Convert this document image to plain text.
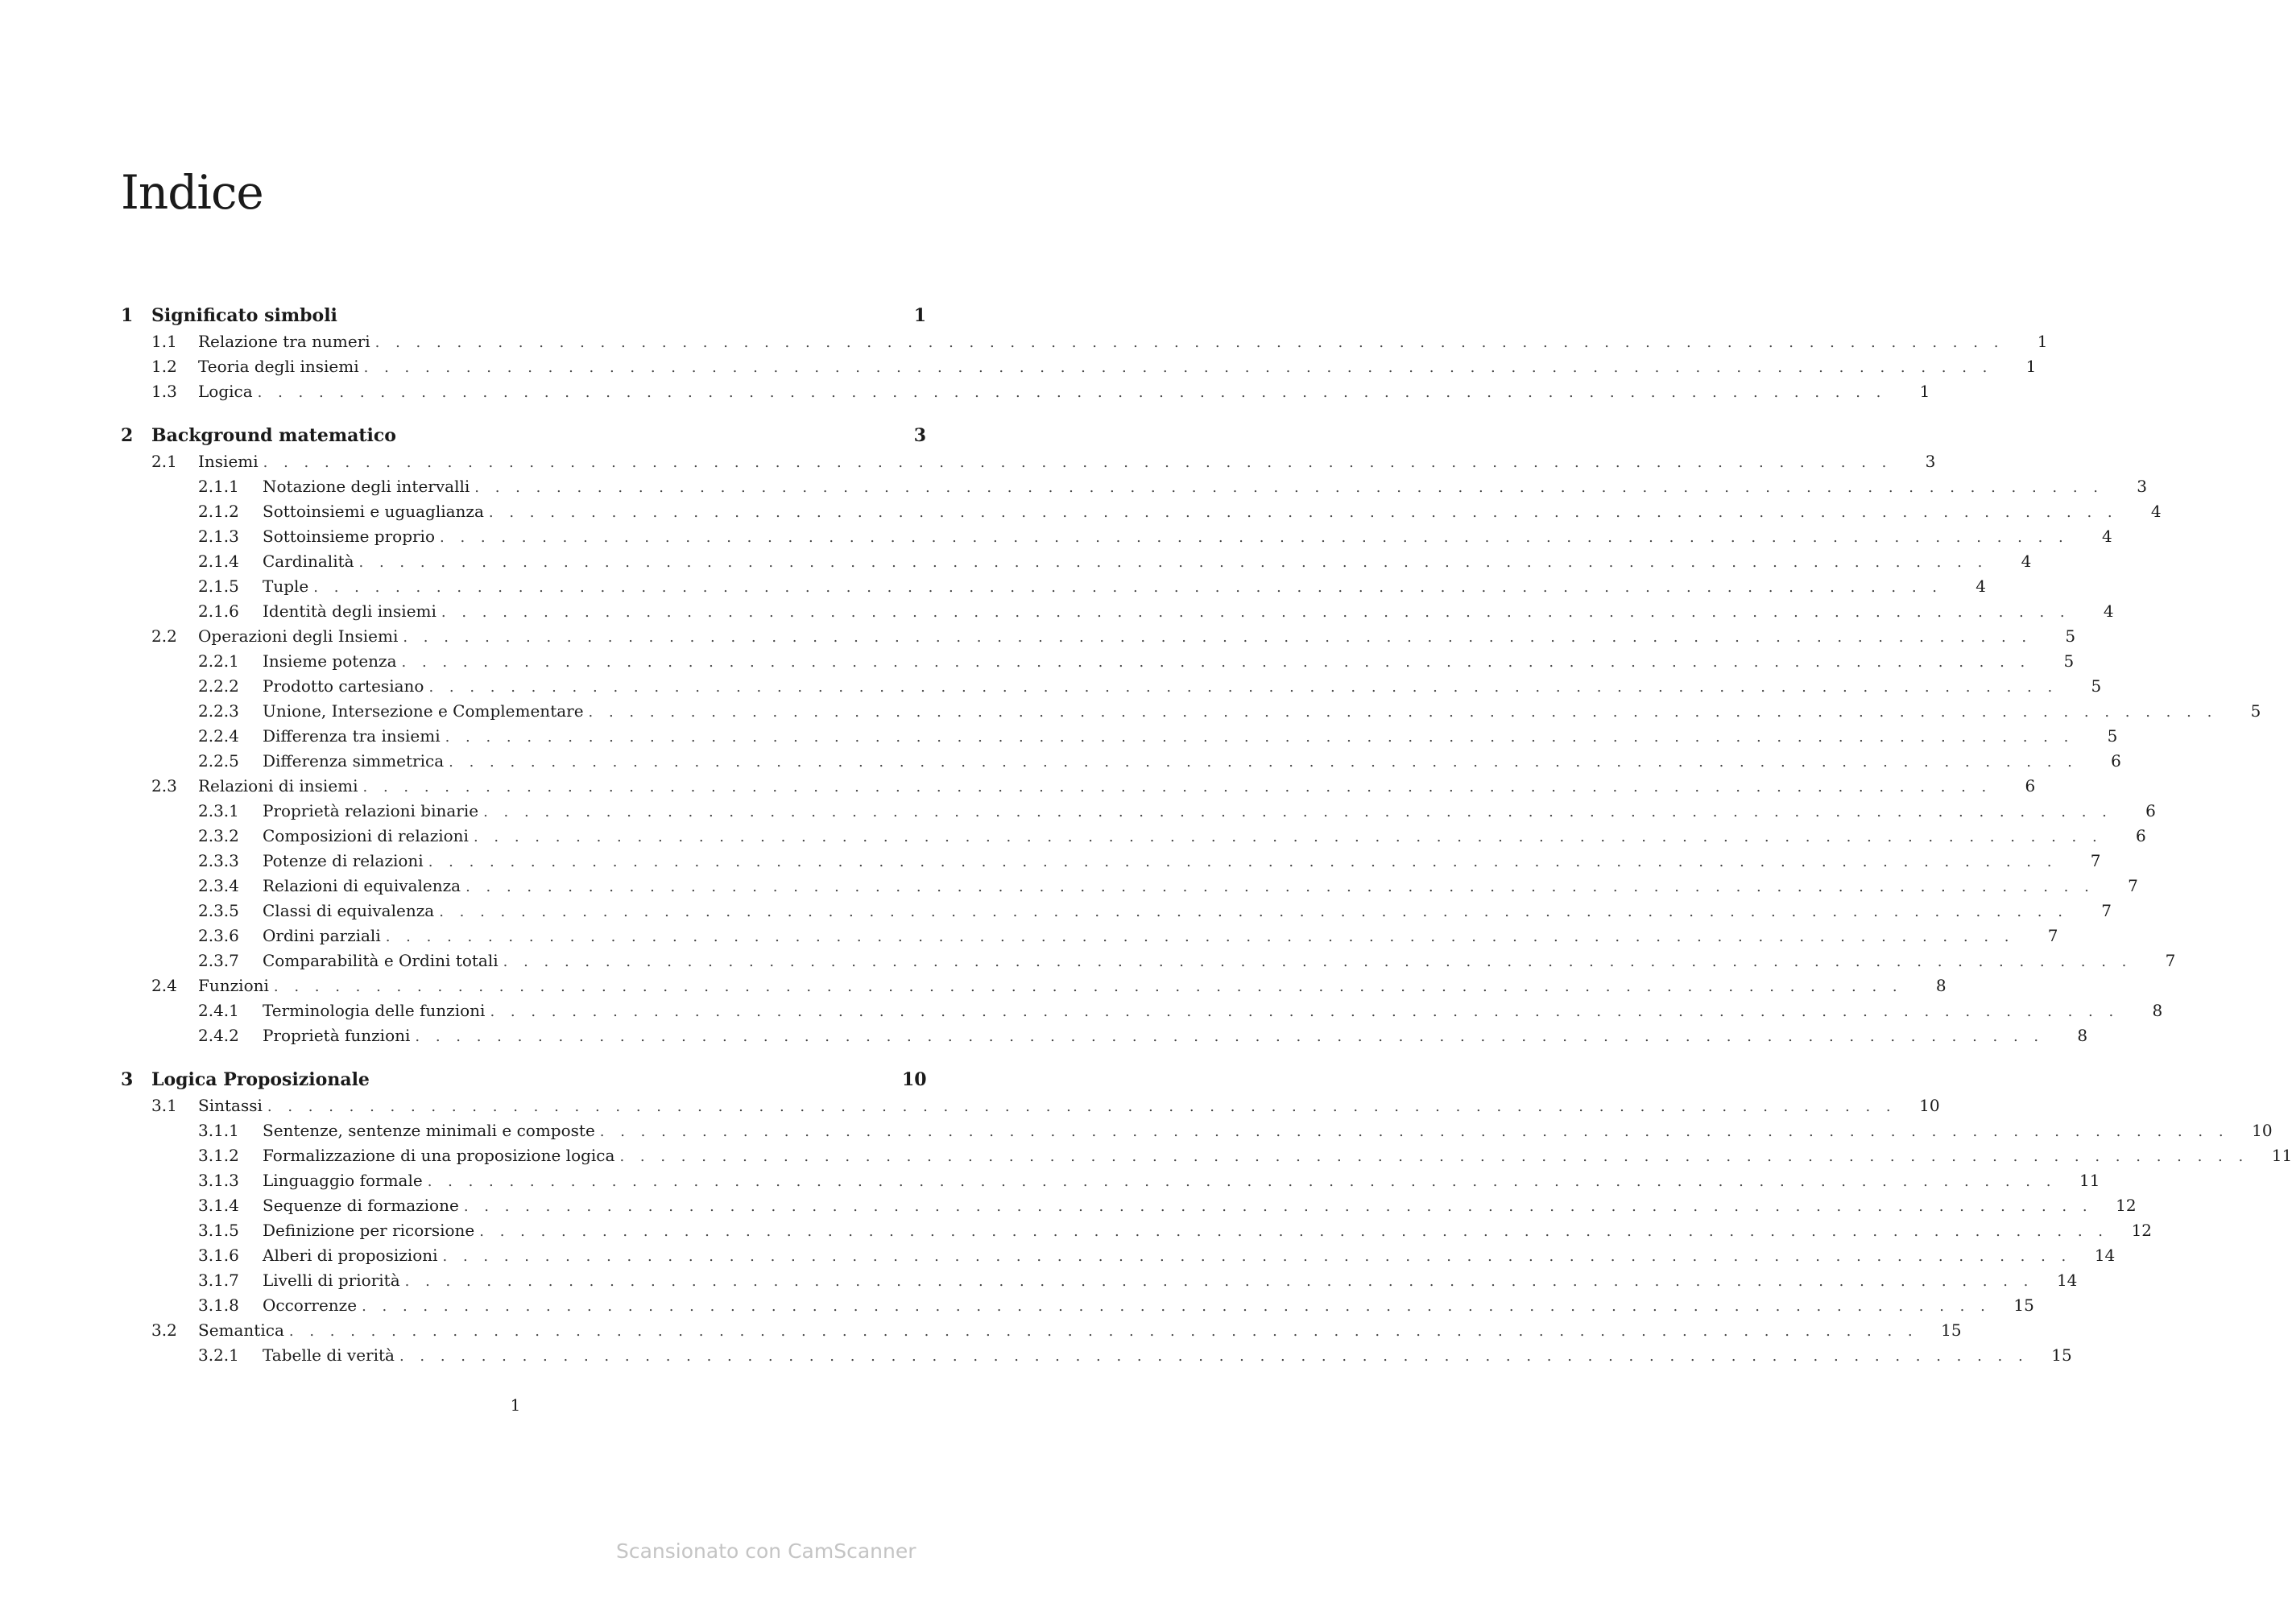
Indice
1	Significato simboli	1
1.1	Relazione tra numeri . . . . . . . . . . . . . . . . . . . . . . . . . . . . . . . . . . . . . . . . . . . . . . . . . . . . . . . . . . . . . . . . . . . . . . . . . . . . . . . .	1
1.2	Teoria degli insiemi . . . . . . . . . . . . . . . . . . . . . . . . . . . . . . . . . . . . . . . . . . . . . . . . . . . . . . . . . . . . . . . . . . . . . . . . . . . . . . . .	1
1.3	Logica . . . . . . . . . . . . . . . . . . . . . . . . . . . . . . . . . . . . . . . . . . . . . . . . . . . . . . . . . . . . . . . . . . . . . . . . . . . . . . . .	1
2	Background matematico	3
2.1	Insiemi . . . . . . . . . . . . . . . . . . . . . . . . . . . . . . . . . . . . . . . . . . . . . . . . . . . . . . . . . . . . . . . . . . . . . . . . . . . . . . . .	3
2.1.1	Notazione degli intervalli . . . . . . . . . . . . . . . . . . . . . . . . . . . . . . . . . . . . . . . . . . . . . . . . . . . . . . . . . . . . . . . . . . . . . . . . . . . . . . . .	3
2.1.2	Sottoinsiemi e uguaglianza . . . . . . . . . . . . . . . . . . . . . . . . . . . . . . . . . . . . . . . . . . . . . . . . . . . . . . . . . . . . . . . . . . . . . . . . . . . . . . . .	4
2.1.3	Sottoinsieme proprio . . . . . . . . . . . . . . . . . . . . . . . . . . . . . . . . . . . . . . . . . . . . . . . . . . . . . . . . . . . . . . . . . . . . . . . . . . . . . . . .	4
2.1.4	Cardinalità . . . . . . . . . . . . . . . . . . . . . . . . . . . . . . . . . . . . . . . . . . . . . . . . . . . . . . . . . . . . . . . . . . . . . . . . . . . . . . . .	4
2.1.5	Tuple . . . . . . . . . . . . . . . . . . . . . . . . . . . . . . . . . . . . . . . . . . . . . . . . . . . . . . . . . . . . . . . . . . . . . . . . . . . . . . . .	4
2.1.6	Identità degli insiemi . . . . . . . . . . . . . . . . . . . . . . . . . . . . . . . . . . . . . . . . . . . . . . . . . . . . . . . . . . . . . . . . . . . . . . . . . . . . . . . .	4
2.2	Operazioni degli Insiemi . . . . . . . . . . . . . . . . . . . . . . . . . . . . . . . . . . . . . . . . . . . . . . . . . . . . . . . . . . . . . . . . . . . . . . . . . . . . . . . .	5
2.2.1	Insieme potenza . . . . . . . . . . . . . . . . . . . . . . . . . . . . . . . . . . . . . . . . . . . . . . . . . . . . . . . . . . . . . . . . . . . . . . . . . . . . . . . .	5
2.2.2	Prodotto cartesiano . . . . . . . . . . . . . . . . . . . . . . . . . . . . . . . . . . . . . . . . . . . . . . . . . . . . . . . . . . . . . . . . . . . . . . . . . . . . . . . .	5
2.2.3	Unione, Intersezione e Complementare . . . . . . . . . . . . . . . . . . . . . . . . . . . . . . . . . . . . . . . . . . . . . . . . . . . . . . . . . . . . . . . . . . . . . . . . . . . . . . . .	5
2.2.4	Differenza tra insiemi . . . . . . . . . . . . . . . . . . . . . . . . . . . . . . . . . . . . . . . . . . . . . . . . . . . . . . . . . . . . . . . . . . . . . . . . . . . . . . . .	5
2.2.5	Differenza simmetrica . . . . . . . . . . . . . . . . . . . . . . . . . . . . . . . . . . . . . . . . . . . . . . . . . . . . . . . . . . . . . . . . . . . . . . . . . . . . . . . .	6
2.3	Relazioni di insiemi . . . . . . . . . . . . . . . . . . . . . . . . . . . . . . . . . . . . . . . . . . . . . . . . . . . . . . . . . . . . . . . . . . . . . . . . . . . . . . . .	6
2.3.1	Proprietà relazioni binarie . . . . . . . . . . . . . . . . . . . . . . . . . . . . . . . . . . . . . . . . . . . . . . . . . . . . . . . . . . . . . . . . . . . . . . . . . . . . . . . .	6
2.3.2	Composizioni di relazioni . . . . . . . . . . . . . . . . . . . . . . . . . . . . . . . . . . . . . . . . . . . . . . . . . . . . . . . . . . . . . . . . . . . . . . . . . . . . . . . .	6
2.3.3	Potenze di relazioni . . . . . . . . . . . . . . . . . . . . . . . . . . . . . . . . . . . . . . . . . . . . . . . . . . . . . . . . . . . . . . . . . . . . . . . . . . . . . . . .	7
2.3.4	Relazioni di equivalenza . . . . . . . . . . . . . . . . . . . . . . . . . . . . . . . . . . . . . . . . . . . . . . . . . . . . . . . . . . . . . . . . . . . . . . . . . . . . . . . .	7
2.3.5	Classi di equivalenza . . . . . . . . . . . . . . . . . . . . . . . . . . . . . . . . . . . . . . . . . . . . . . . . . . . . . . . . . . . . . . . . . . . . . . . . . . . . . . . .	7
2.3.6	Ordini parziali . . . . . . . . . . . . . . . . . . . . . . . . . . . . . . . . . . . . . . . . . . . . . . . . . . . . . . . . . . . . . . . . . . . . . . . . . . . . . . . .	7
2.3.7	Comparabilità e Ordini totali . . . . . . . . . . . . . . . . . . . . . . . . . . . . . . . . . . . . . . . . . . . . . . . . . . . . . . . . . . . . . . . . . . . . . . . . . . . . . . . .	7
2.4	Funzioni . . . . . . . . . . . . . . . . . . . . . . . . . . . . . . . . . . . . . . . . . . . . . . . . . . . . . . . . . . . . . . . . . . . . . . . . . . . . . . . .	8
2.4.1	Terminologia delle funzioni . . . . . . . . . . . . . . . . . . . . . . . . . . . . . . . . . . . . . . . . . . . . . . . . . . . . . . . . . . . . . . . . . . . . . . . . . . . . . . . .	8
2.4.2	Proprietà funzioni . . . . . . . . . . . . . . . . . . . . . . . . . . . . . . . . . . . . . . . . . . . . . . . . . . . . . . . . . . . . . . . . . . . . . . . . . . . . . . . .	8
3	Logica Proposizionale	10
3.1	Sintassi . . . . . . . . . . . . . . . . . . . . . . . . . . . . . . . . . . . . . . . . . . . . . . . . . . . . . . . . . . . . . . . . . . . . . . . . . . . . . . . . 10
3.1.1	Sentenze, sentenze minimali e composte . . . . . . . . . . . . . . . . . . . . . . . . . . . . . . . . . . . . . . . . . . . . . . . . . . . . . . . . . . . . . . . . . . . . . . . . . . . . . . . . 10
3.1.2	Formalizzazione di una proposizione logica . . . . . . . . . . . . . . . . . . . . . . . . . . . . . . . . . . . . . . . . . . . . . . . . . . . . . . . . . . . . . . . . . . . . . . . . . . . . . . . . 11
3.1.3	Linguaggio formale . . . . . . . . . . . . . . . . . . . . . . . . . . . . . . . . . . . . . . . . . . . . . . . . . . . . . . . . . . . . . . . . . . . . . . . . . . . . . . . . 11
3.1.4	Sequenze di formazione . . . . . . . . . . . . . . . . . . . . . . . . . . . . . . . . . . . . . . . . . . . . . . . . . . . . . . . . . . . . . . . . . . . . . . . . . . . . . . . . 12
3.1.5	Definizione per ricorsione . . . . . . . . . . . . . . . . . . . . . . . . . . . . . . . . . . . . . . . . . . . . . . . . . . . . . . . . . . . . . . . . . . . . . . . . . . . . . . . . 12
3.1.6	Alberi di proposizioni . . . . . . . . . . . . . . . . . . . . . . . . . . . . . . . . . . . . . . . . . . . . . . . . . . . . . . . . . . . . . . . . . . . . . . . . . . . . . . . . 14
3.1.7	Livelli di priorità . . . . . . . . . . . . . . . . . . . . . . . . . . . . . . . . . . . . . . . . . . . . . . . . . . . . . . . . . . . . . . . . . . . . . . . . . . . . . . . . 14
3.1.8	Occorrenze . . . . . . . . . . . . . . . . . . . . . . . . . . . . . . . . . . . . . . . . . . . . . . . . . . . . . . . . . . . . . . . . . . . . . . . . . . . . . . . . 15
3.2	Semantica . . . . . . . . . . . . . . . . . . . . . . . . . . . . . . . . . . . . . . . . . . . . . . . . . . . . . . . . . . . . . . . . . . . . . . . . . . . . . . . . 15
3.2.1	Tabelle di verità . . . . . . . . . . . . . . . . . . . . . . . . . . . . . . . . . . . . . . . . . . . . . . . . . . . . . . . . . . . . . . . . . . . . . . . . . . . . . . . . 15
1
Scansionato con CamScanner
